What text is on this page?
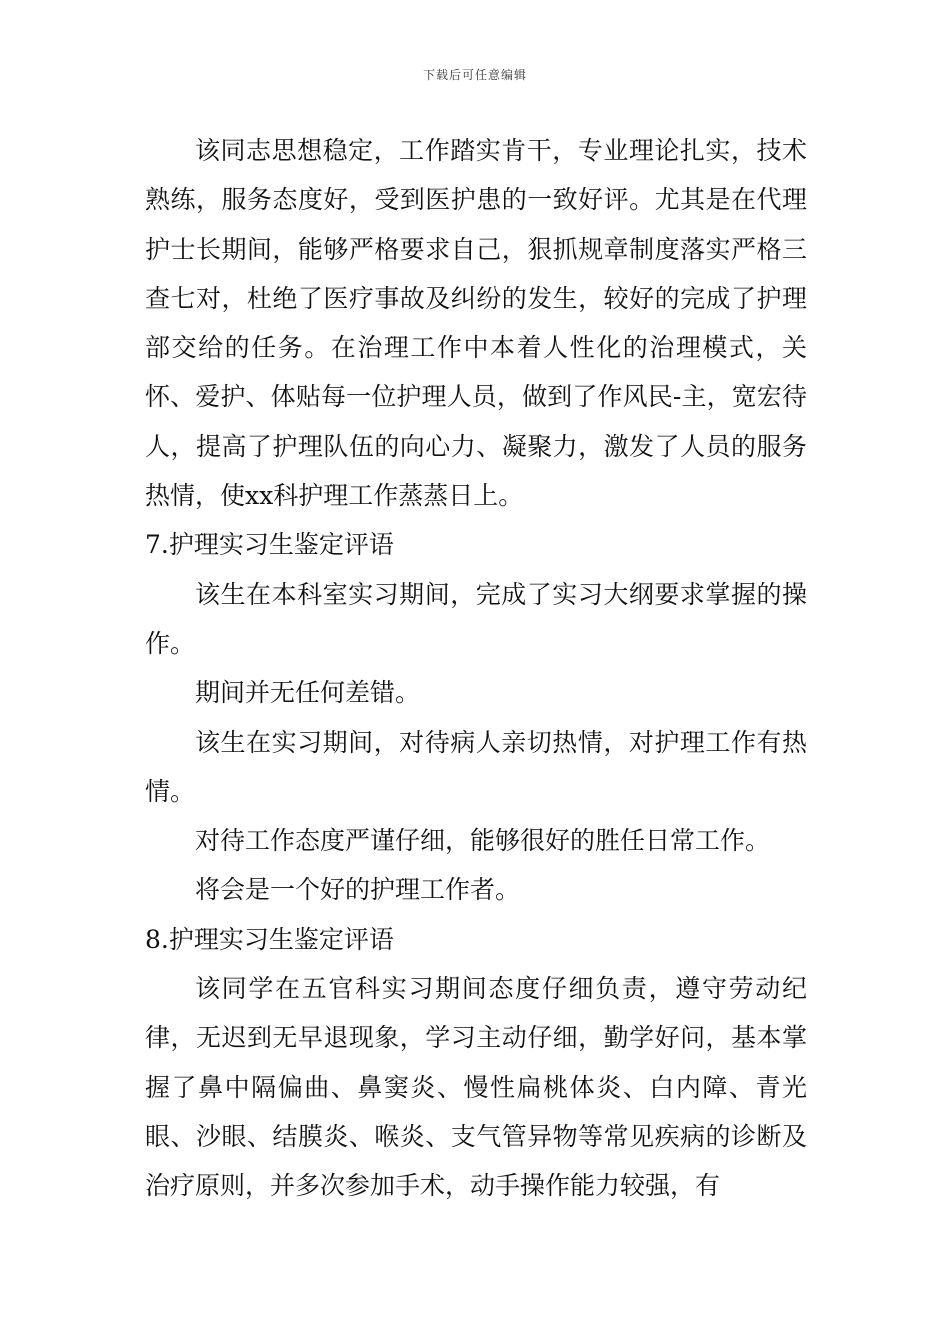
下载后可任意编辑

该同志思想稳定，工作踏实肯干，专业理论扎实，技术熟练，服务态度好，受到医护患的一致好评。尤其是在代理护士长期间，能够严格要求自己，狠抓规章制度落实严格三查七对，杜绝了医疗事故及纠纷的发生，较好的完成了护理部交给的任务。在治理工作中本着人性化的治理模式，关怀、爱护、体贴每一位护理人员，做到了作风民-主，宽宏待人，提高了护理队伍的向心力、凝聚力，激发了人员的服务热情，使xx科护理工作蒸蒸日上。

7.护理实习生鉴定评语

该生在本科室实习期间，完成了实习大纲要求掌握的操作。

期间并无任何差错。

该生在实习期间，对待病人亲切热情，对护理工作有热情。

对待工作态度严谨仔细，能够很好的胜任日常工作。

将会是一个好的护理工作者。

8.护理实习生鉴定评语

该同学在五官科实习期间态度仔细负责，遵守劳动纪律，无迟到无早退现象，学习主动仔细，勤学好问，基本掌握了鼻中隔偏曲、鼻窦炎、慢性扁桃体炎、白内障、青光眼、沙眼、结膜炎、喉炎、支气管异物等常见疾病的诊断及治疗原则，并多次参加手术，动手操作能力较强，有
